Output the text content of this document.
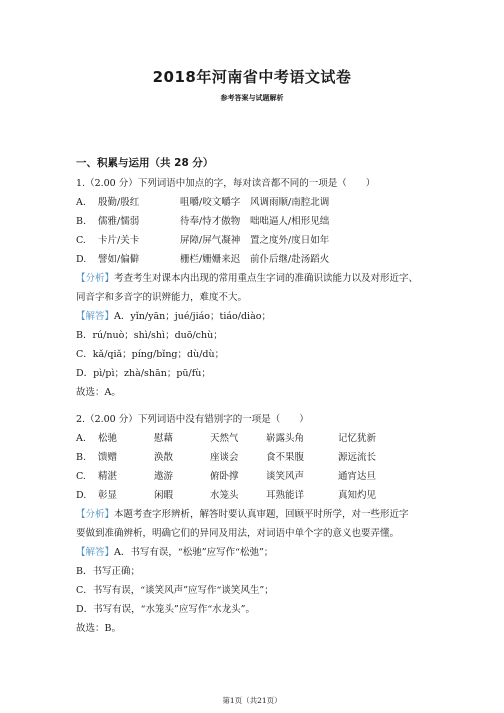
2018年河南省中考语文试卷
参考答案与试题解析
一、积累与运用（共 28 分）
1.（2.00 分）下列词语中加点的字，每对读音都不同的一项是（　　）
A. 殷勤/殷红	咀嚼/咬文嚼字 风调雨顺/南腔北调
B. 儒雅/懦弱	待奉/恃才傲物 咄咄逼人/相形见绌
C. 卡片/关卡	屏障/屏气凝神 置之度外/度日如年
D. 譬如/偏僻	栅栏/姗姗来迟 前仆后继/赴汤蹈火
【分析】考查考生对课本内出现的常用重点生字词的准确识读能力以及对形近字、
同音字和多音字的识辨能力，难度不大。
【解答】A．yǐn/yān；jué/jiáo；tiáo/diào；
B．rú/nuò；shì/shì；duō/chù；
C．kǎ/qiǎ；píng/bǐng；dù/dù；
D．pì/pì；zhà/shān；pū/fù；
故选：A。
2.（2.00 分）下列词语中没有错别字的一项是（　　）
A. 松驰	慰藉	天然气	崭露头角	记忆犹新
B. 馈赠	涣散	座谈会	食不果腹	源远流长
C. 精湛	遨游	俯卧撑	谈笑风声	通宵达旦
D. 彰显	闲暇	水笼头	耳熟能详	真知灼见
【分析】本题考查字形辨析，解答时要认真审题，回顾平时所学，对一些形近字
要做到准确辨析，明确它们的异同及用法，对词语中单个字的意义也要弄懂。
【解答】A．书写有误，“松驰”应写作“松弛”；
B．书写正确；
C．书写有误，“谈笑风声”应写作“谈笑风生”；
D．书写有误，“水笼头”应写作“水龙头”。
故选：B。
第1页（共21页）
